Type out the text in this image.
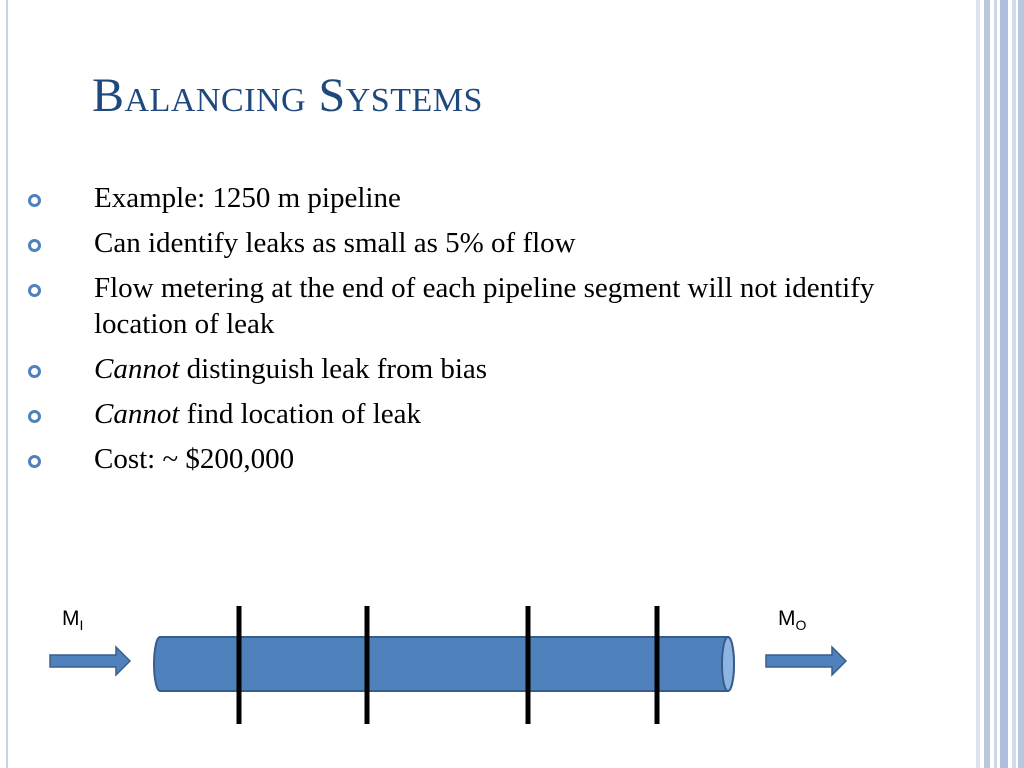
Balancing Systems
Example: 1250 m pipeline
Can identify leaks as small as 5% of flow
Flow metering at the end of each pipeline segment will not identify location of leak
Cannot distinguish leak from bias
Cannot find location of leak
Cost: ~ $200,000
$M_I$	$M_O$
